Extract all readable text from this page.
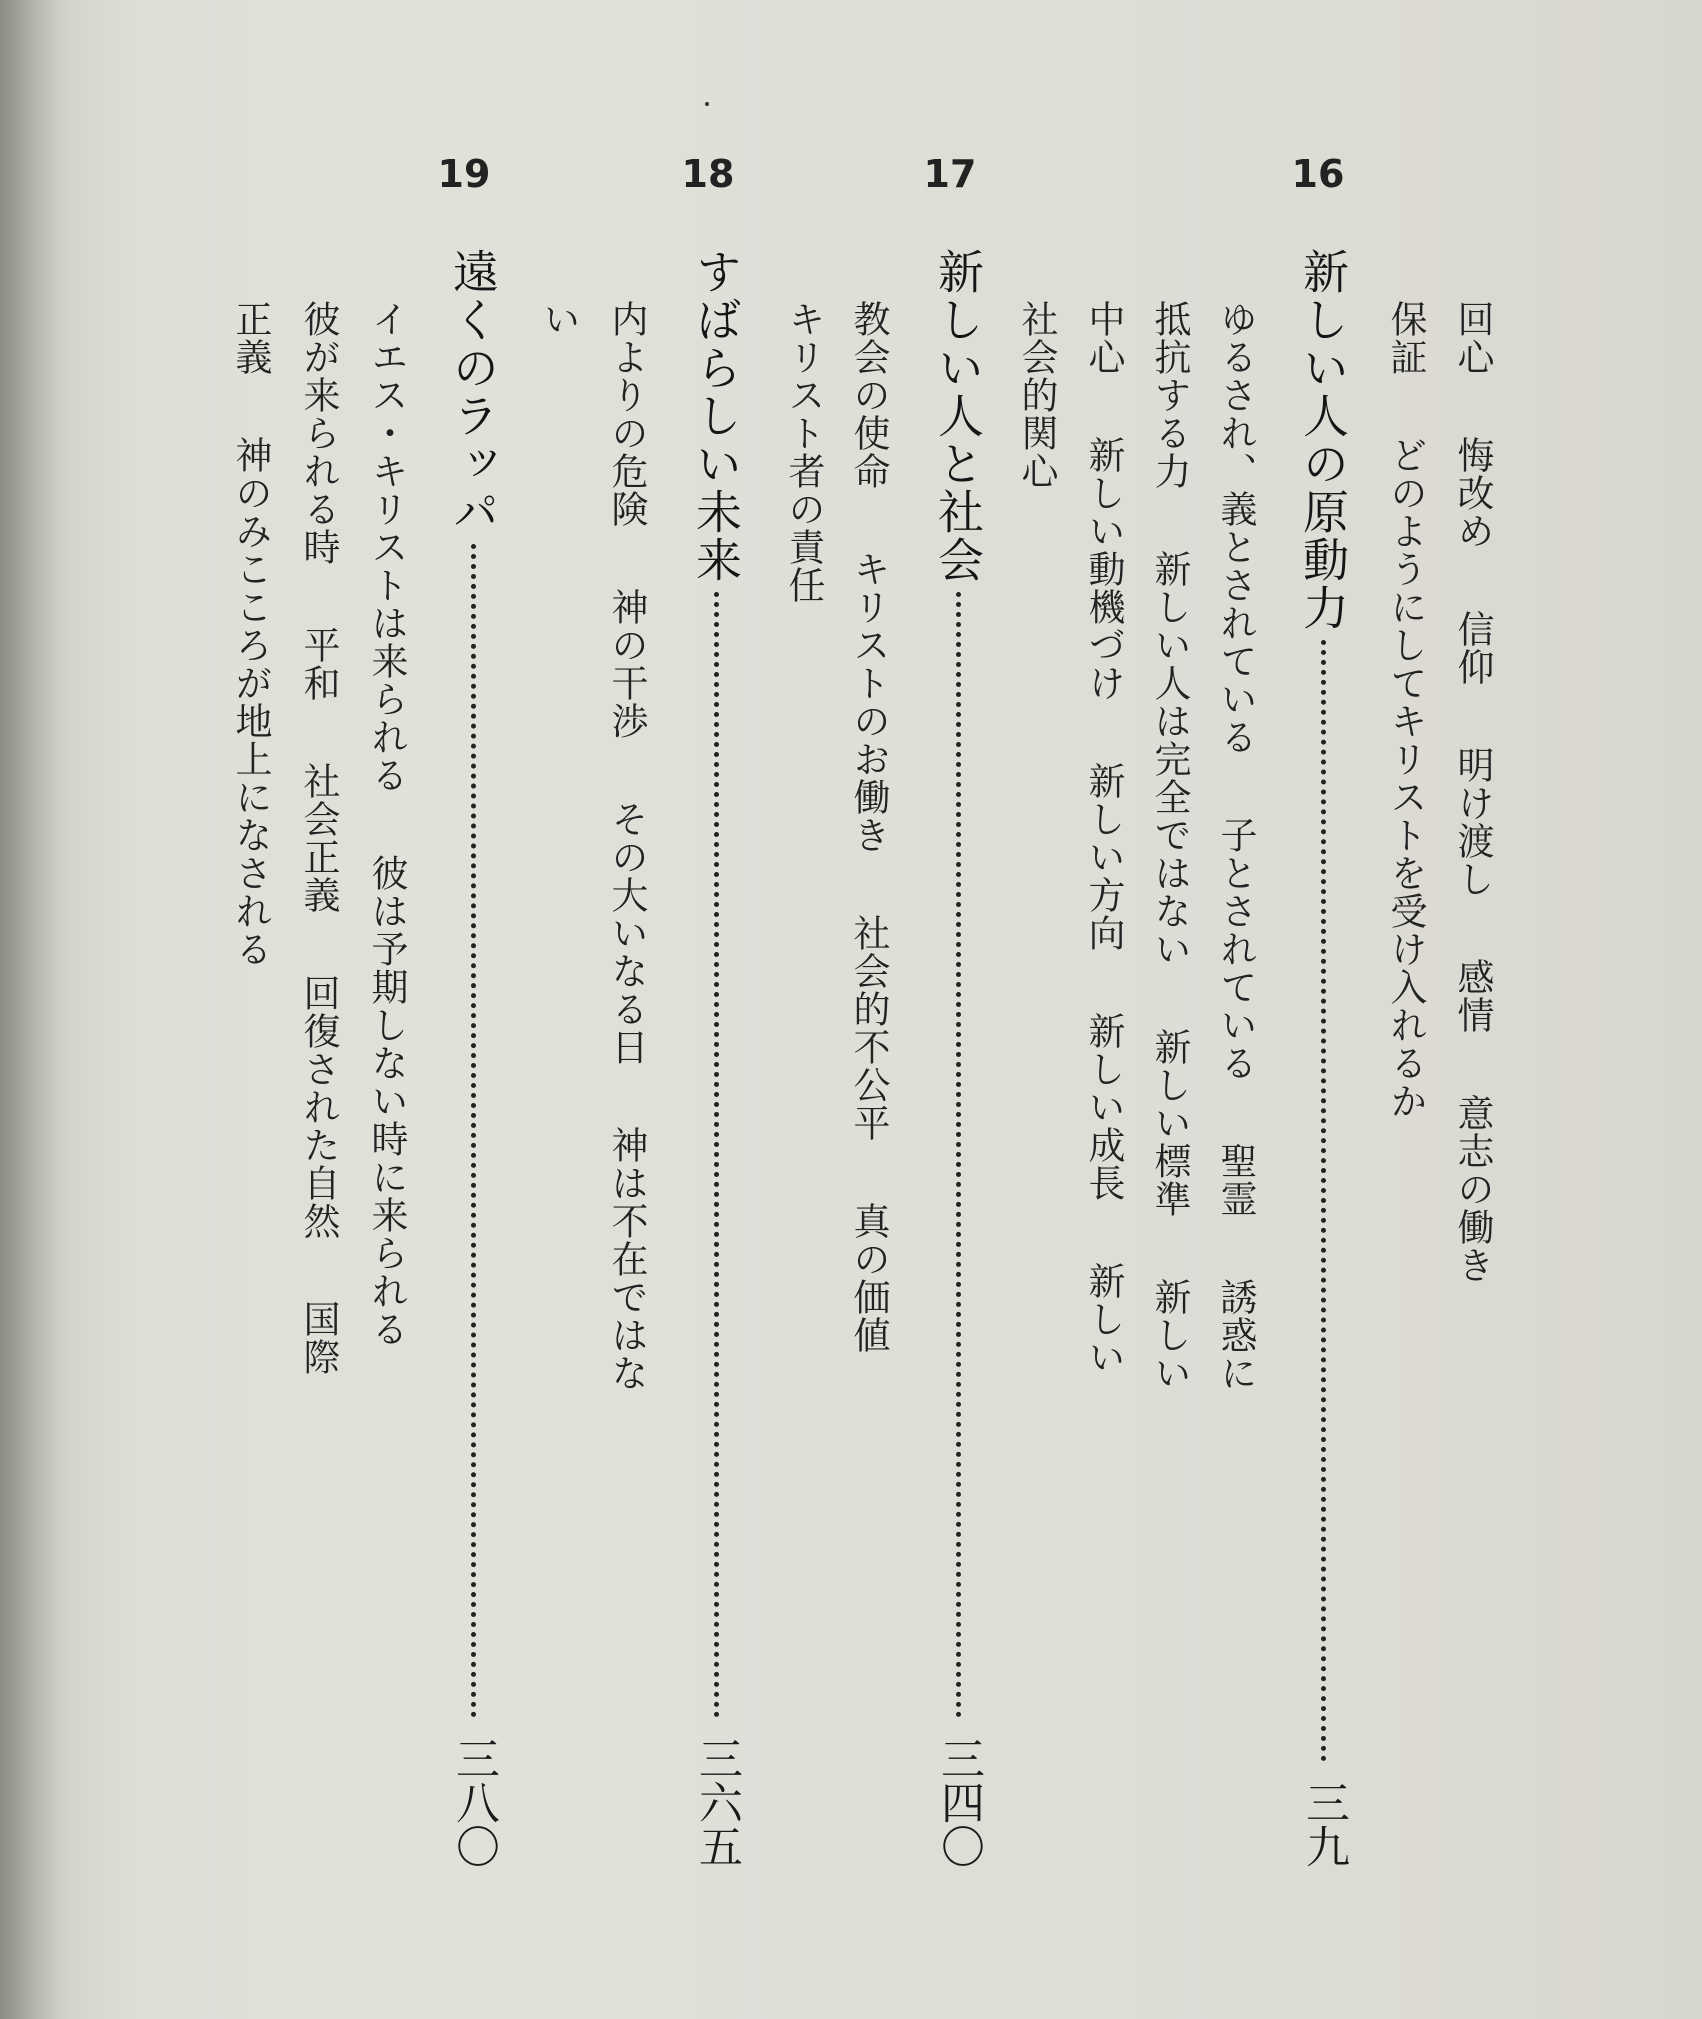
16
新しい人の原動力
三九
回心悔改め信仰明け渡し感情意志の働き
保証どのようにしてキリストを受け入れるか
ゆるされ、義とされている子とされている聖霊誘惑に
抵抗する力新しい人は完全ではない新しい標準新しい
中心新しい動機づけ新しい方向新しい成長新しい
社会的関心
17
新しい人と社会
三四〇
教会の使命キリストのお働き社会的不公平真の価値
キリスト者の責任
18
すばらしい未来
三六五
内よりの危険神の干渉その大いなる日神は不在ではな
い
19
遠くのラッパ
三八〇
イエス・キリストは来られる彼は予期しない時に来られる
彼が来られる時平和社会正義回復された自然国際
正義神のみこころが地上になされる
